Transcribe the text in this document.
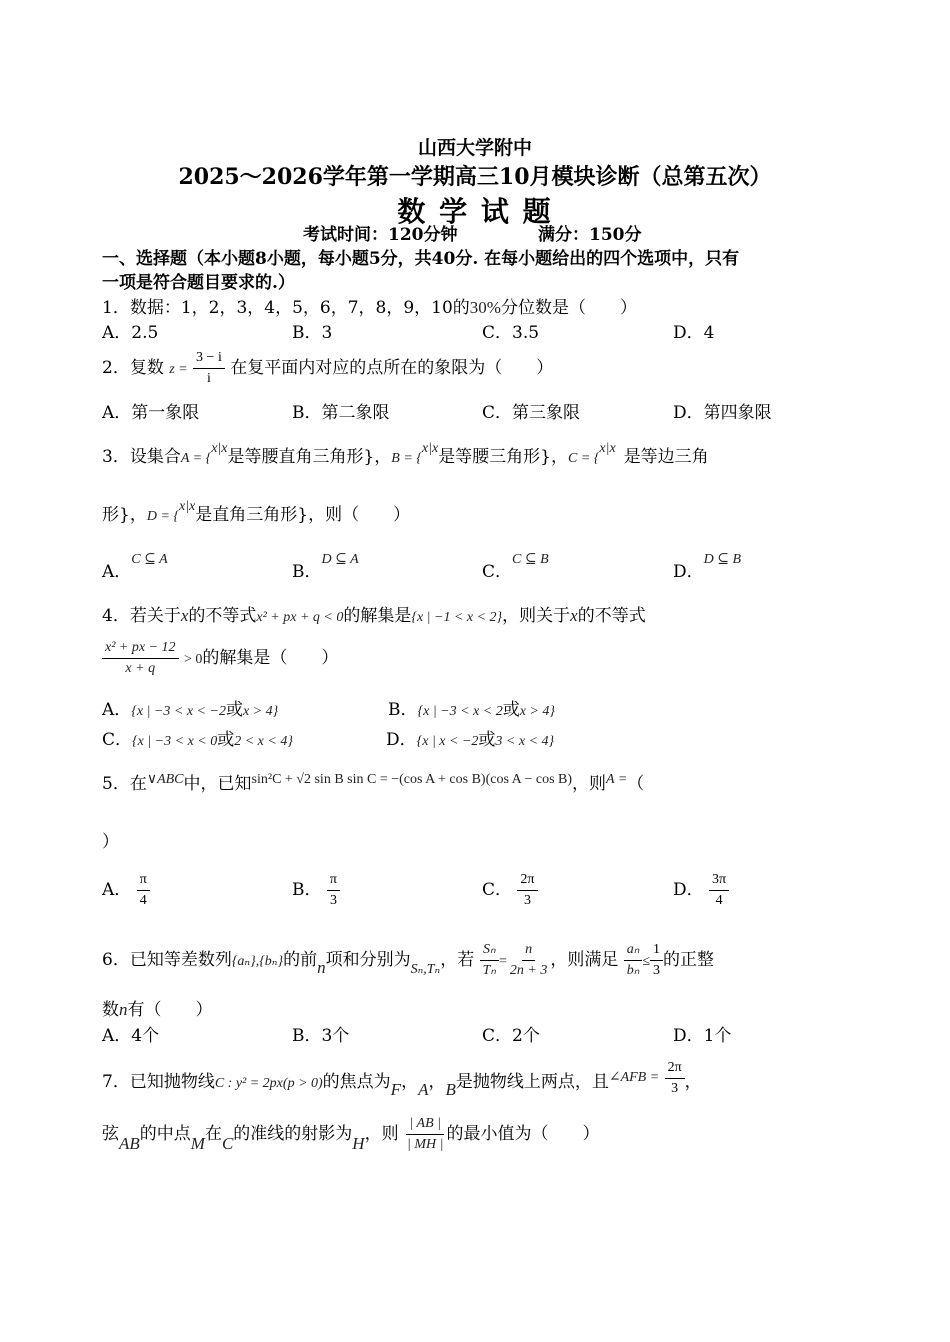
山西大学附中
2025～2026学年第一学期高三10月模块诊断（总第五次）
数 学 试 题
考试时间：120分钟	满分：150分
一、选择题（本小题8小题，每小题5分，共40分. 在每小题给出的四个选项中，只有
一项是符合题目要求的.）
1．数据：1，2，3，4，5，6，7，8，9，10的30%分位数是（　　）
A．2.5	B．3	C．3.5	D．4
2．复数 $z = \frac{3 - i}{i}$ 在复平面内对应的点所在的象限为（　　）
A．第一象限	B．第二象限	C．第三象限	D．第四象限
3．设集合A = {$^{x|x}$是等腰直角三角形}，B = {$^{x|x}$是等腰三角形}，C = {$^{x|x}$ 是等边三角
形}，D = {$^{x|x}$是直角三角形}，则（　　）
A．$^{C ⊆ A}$
B．$^{D ⊆ A}$
C．$^{C ⊆ B}$
D．$^{D ⊆ B}$
4．若关于x的不等式x² + px + q < 0的解集是{x | −1 < x < 2}，则关于x的不等式
$\frac{\text{x² + px − 12}}{x + q} > 0$的解集是（　　）
A．{x | −3 < x < −2或x > 4}	B．{x | −3 < x < 2或x > 4}
C．{x | −3 < x < 0或2 < x < 4}	D．{x | x < −2或3 < x < 4}
5．在$^{\vee ABC}$中，已知$^{sin^2C + √2 sin B sin C = -(cos A + cos B)(cos A - cos B)}$，则$^{A =}$（
）
A． $\frac{\pi}{4}$	B． $\frac{\pi}{3}$	C． $\frac{2\pi}{3}$	D． $\frac{3\pi}{4}$
6．已知等差数列{aₙ},{bₙ}的前n项和分别为$_{S_n,T_n}$，若 $\frac{\text{Sₙ}}{\text{Tₙ}} = \frac{n}{2n + 3}$ ，则满足 $\frac{\text{aₙ}}{\text{bₙ}} \le \frac{1}{3}$ 的正整
数n有（　　）
A．4个	B．3个	C．2个	D．1个
7．已知抛物线C : y² = 2px(p > 0)的焦点为F，A，B是抛物线上两点，且$^{\angle AFB =} \frac{2\pi}{3}$ ，
弦AB的中点M在C的准线的射影为H，则 $\frac{| AB |}{| MH |}$ 的最小值为（　　）
